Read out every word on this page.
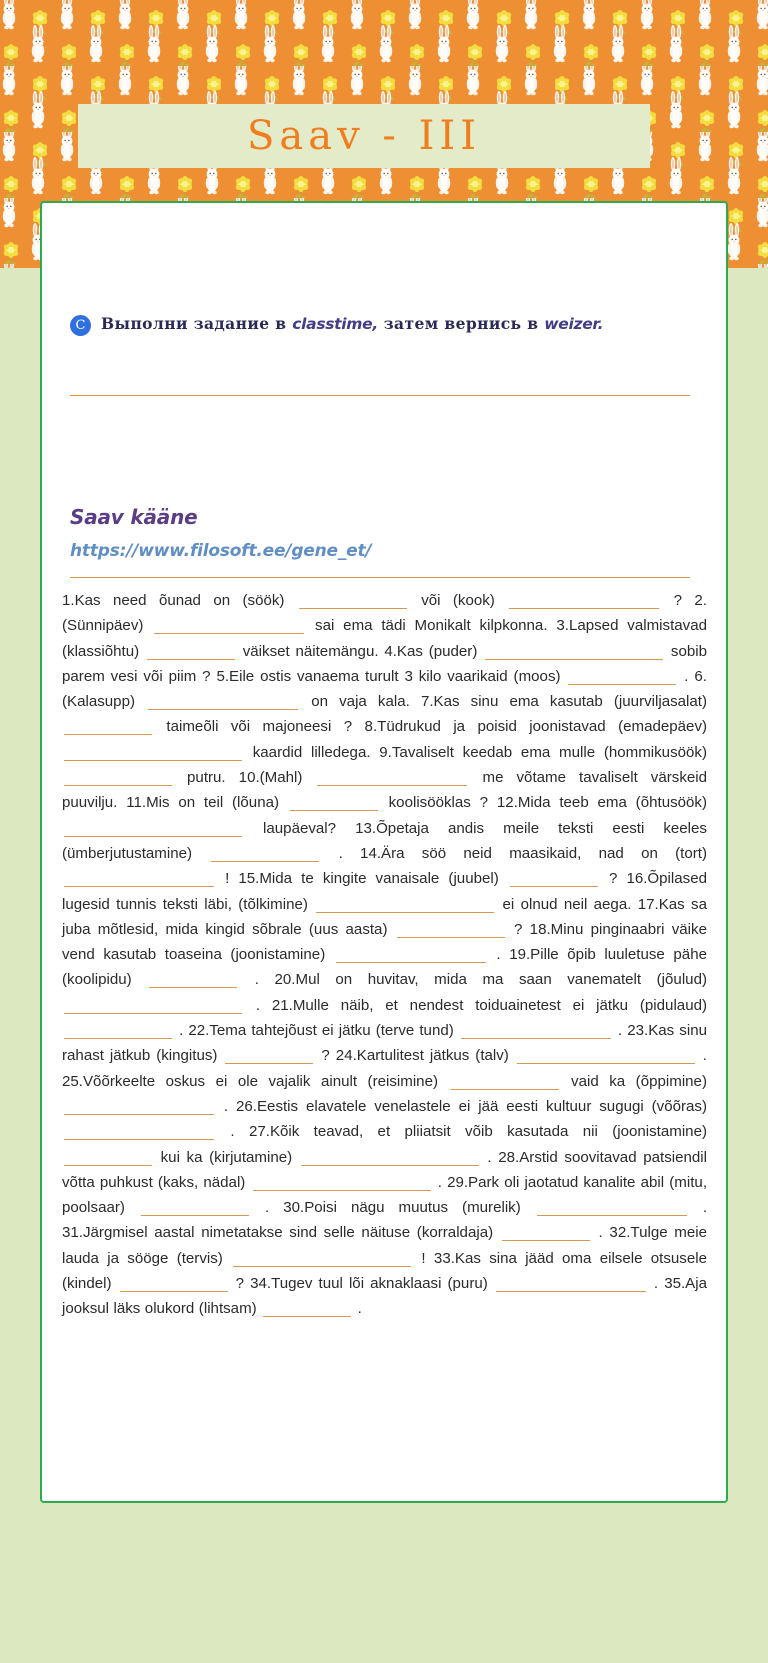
Saav - III
C	Выполни задание в classtime, затем вернись в weizer.
Saav kääne
https://www.filosoft.ee/gene_et/
1.Kas need õunad on (söök)	või (kook)	? 2.(Sünnipäev)	sai ema tädi Monikalt kilpkonna. 3.Lapsed valmistavad (klassiõhtu)	väikset näitemängu. 4.Kas (puder)	sobib parem vesi või piim ? 5.Eile ostis vanaema turult 3 kilo vaarikaid (moos)	. 6.(Kalasupp)	on vaja kala. 7.Kas sinu ema kasutab (juurviljasalat)  taimeõli või majoneesi ? 8.Tüdrukud ja poisid joonistavad (emadepäev)  kaardid lilledega. 9.Tavaliselt keedab ema mulle (hommikusöök)  putru. 10.(Mahl)	me võtame tavaliselt värskeid puuvilju. 11.Mis on teil (lõuna)	koolisööklas ? 12.Mida teeb ema (õhtusöök)  laupäeval? 13.Õpetaja andis meile teksti eesti keeles (ümberjutustamine)	. 14.Ära söö neid maasikaid, nad on (tort)  ! 15.Mida te kingite vanaisale (juubel)	? 16.Õpilased lugesid tunnis teksti läbi, (tõlkimine)	ei olnud neil aega. 17.Kas sa juba mõtlesid, mida kingid sõbrale (uus aasta)	? 18.Minu pinginaabri väike vend kasutab toaseina (joonistamine)	. 19.Pille õpib luuletuse pähe (koolipidu)	. 20.Mul on huvitav, mida ma saan vanematelt (jõulud)  . 21.Mulle näib, et nendest toiduainetest ei jätku (pidulaud)  . 22.Tema tahtejõust ei jätku (terve tund)	. 23.Kas sinu rahast jätkub (kingitus)	? 24.Kartulitest jätkus (talv)	. 25.Võõrkeelte oskus ei ole vajalik ainult (reisimine)	vaid ka (õppimine)  . 26.Eestis elavatele venelastele ei jää eesti kultuur sugugi (võõras)  . 27.Kõik teavad, et pliiatsit võib kasutada nii (joonistamine)  kui ka (kirjutamine)	. 28.Arstid soovitavad patsiendil võtta puhkust (kaks, nädal)	. 29.Park oli jaotatud kanalite abil (mitu, poolsaar)	. 30.Poisi nägu muutus (murelik)	. 31.Järgmisel aastal nimetatakse sind selle näituse (korraldaja)	. 32.Tulge meie lauda ja sööge (tervis)	! 33.Kas sina jääd oma eilsele otsusele (kindel)	? 34.Tugev tuul lõi aknaklaasi (puru)	. 35.Aja jooksul läks olukord (lihtsam)	.
